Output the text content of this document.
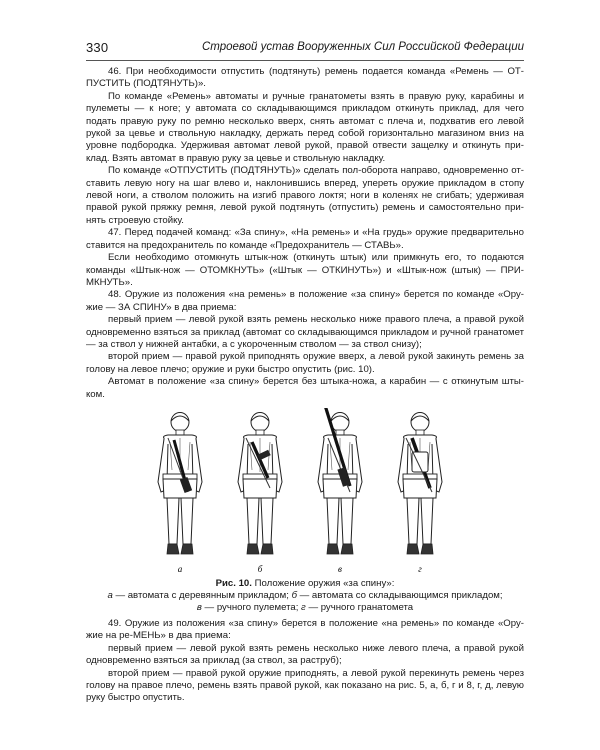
330	Строевой устав Вооруженных Сил Российской Федерации

46. При необходимости отпустить (подтянуть) ремень подается команда «Ремень — ОТПУСТИТЬ (ПОДТЯНУТЬ)».

По команде «Ремень» автоматы и ручные гранатометы взять в правую руку, карабины и пулеметы — к ноге; у автомата со складывающимся прикладом откинуть приклад, для чего подать правую руку по ремню несколько вверх, снять автомат с плеча и, подхватив его левой рукой за цевье и ствольную накладку, держать перед собой горизонтально магазином вниз на уровне подбородка. Удерживая автомат левой рукой, правой отвести защелку и откинуть приклад. Взять автомат в правую руку за цевье и ствольную накладку.

По команде «ОТПУСТИТЬ (ПОДТЯНУТЬ)» сделать пол-оборота направо, одновременно отставить левую ногу на шаг влево и, наклонившись вперед, упереть оружие прикладом в стопу левой ноги, а стволом положить на изгиб правого локтя; ноги в коленях не сгибать; удерживая правой рукой пряжку ремня, левой рукой подтянуть (отпустить) ремень и самостоятельно принять строевую стойку.

47. Перед подачей команд: «За спину», «На ремень» и «На грудь» оружие предварительно ставится на предохранитель по команде «Предохранитель — СТАВЬ».

Если необходимо отомкнуть штык-нож (откинуть штык) или примкнуть его, то подаются команды «Штык-нож — ОТОМКНУТЬ» («Штык — ОТКИНУТЬ») и «Штык-нож (штык) — ПРИМКНУТЬ».

48. Оружие из положения «на ремень» в положение «за спину» берется по команде «Оружие — ЗА СПИНУ» в два приема:

первый прием — левой рукой взять ремень несколько ниже правого плеча, а правой рукой одновременно взяться за приклад (автомат со складывающимся прикладом и ручной гранатомет — за ствол у нижней антабки, а с укороченным стволом — за ствол снизу);

второй прием — правой рукой приподнять оружие вверх, а левой рукой закинуть ремень за голову на левое плечо; оружие и руки быстро опустить (рис. 10).

Автомат в положение «за спину» берется без штыка-ножа, а карабин — с откинутым штыком.

а	б	в	г
Рис. 10. Положение оружия «за спину»:
а — автомата с деревянным прикладом; б — автомата со складывающимся прикладом;
в — ручного пулемета; г — ручного гранатомета

49. Оружие из положения «за спину» берется в положение «на ремень» по команде «Оружие на ре-МЕНЬ» в два приема:

первый прием — левой рукой взять ремень несколько ниже левого плеча, а правой рукой одновременно взяться за приклад (за ствол, за раструб);

второй прием — правой рукой оружие приподнять, а левой рукой перекинуть ремень через голову на правое плечо, ремень взять правой рукой, как показано на рис. 5, а, б, г и 8, г, д, левую руку быстро опустить.
